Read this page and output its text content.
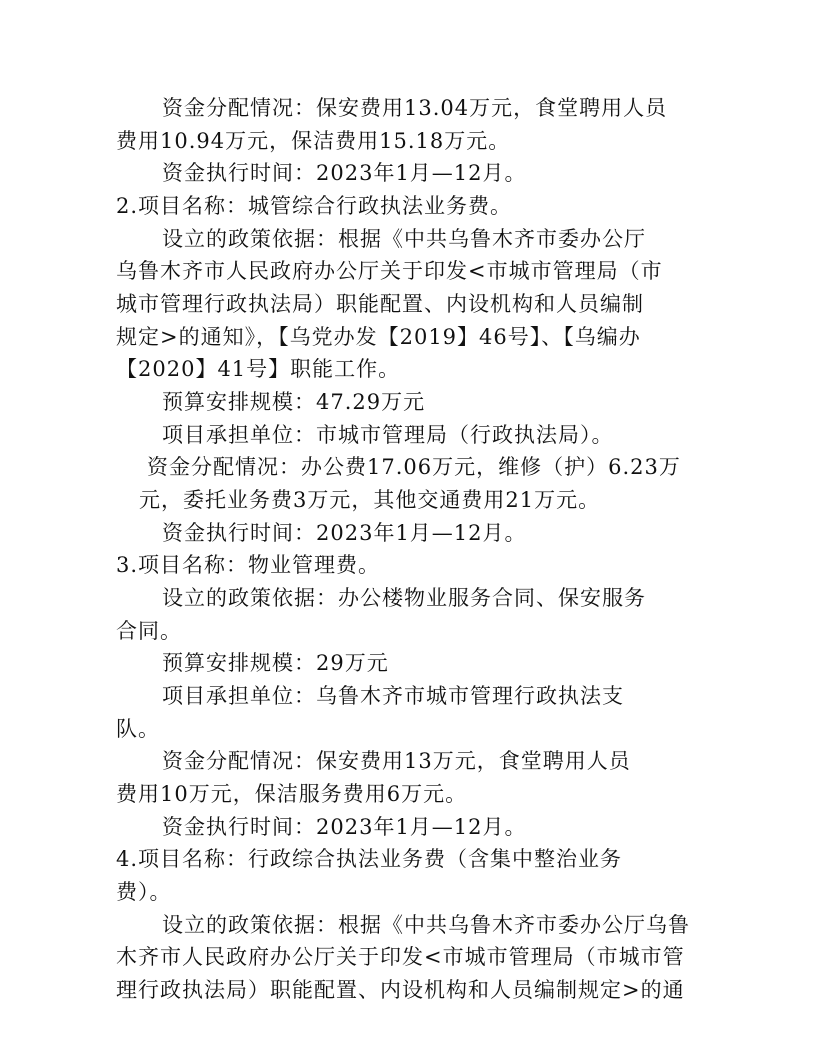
资金分配情况：保安费用13.04万元，食堂聘用人员
费用10.94万元，保洁费用15.18万元。
资金执行时间：2023年1月—12月。
2.项目名称：城管综合行政执法业务费。
设立的政策依据：根据《中共乌鲁木齐市委办公厅
乌鲁木齐市人民政府办公厅关于印发<市城市管理局（市
城市管理行政执法局）职能配置、内设机构和人员编制
规定>的通知》，【乌党办发【2019】46号】、【乌编办
【2020】41号】职能工作。
预算安排规模：47.29万元
项目承担单位：市城市管理局（行政执法局）。
资金分配情况：办公费17.06万元，维修（护）6.23万
元，委托业务费3万元，其他交通费用21万元。
资金执行时间：2023年1月—12月。
3.项目名称：物业管理费。
设立的政策依据：办公楼物业服务合同、保安服务
合同。
预算安排规模：29万元
项目承担单位：乌鲁木齐市城市管理行政执法支
队。
资金分配情况：保安费用13万元，食堂聘用人员
费用10万元，保洁服务费用6万元。
资金执行时间：2023年1月—12月。
4.项目名称：行政综合执法业务费（含集中整治业务
费）。
设立的政策依据：根据《中共乌鲁木齐市委办公厅乌鲁
木齐市人民政府办公厅关于印发<市城市管理局（市城市管
理行政执法局）职能配置、内设机构和人员编制规定>的通
